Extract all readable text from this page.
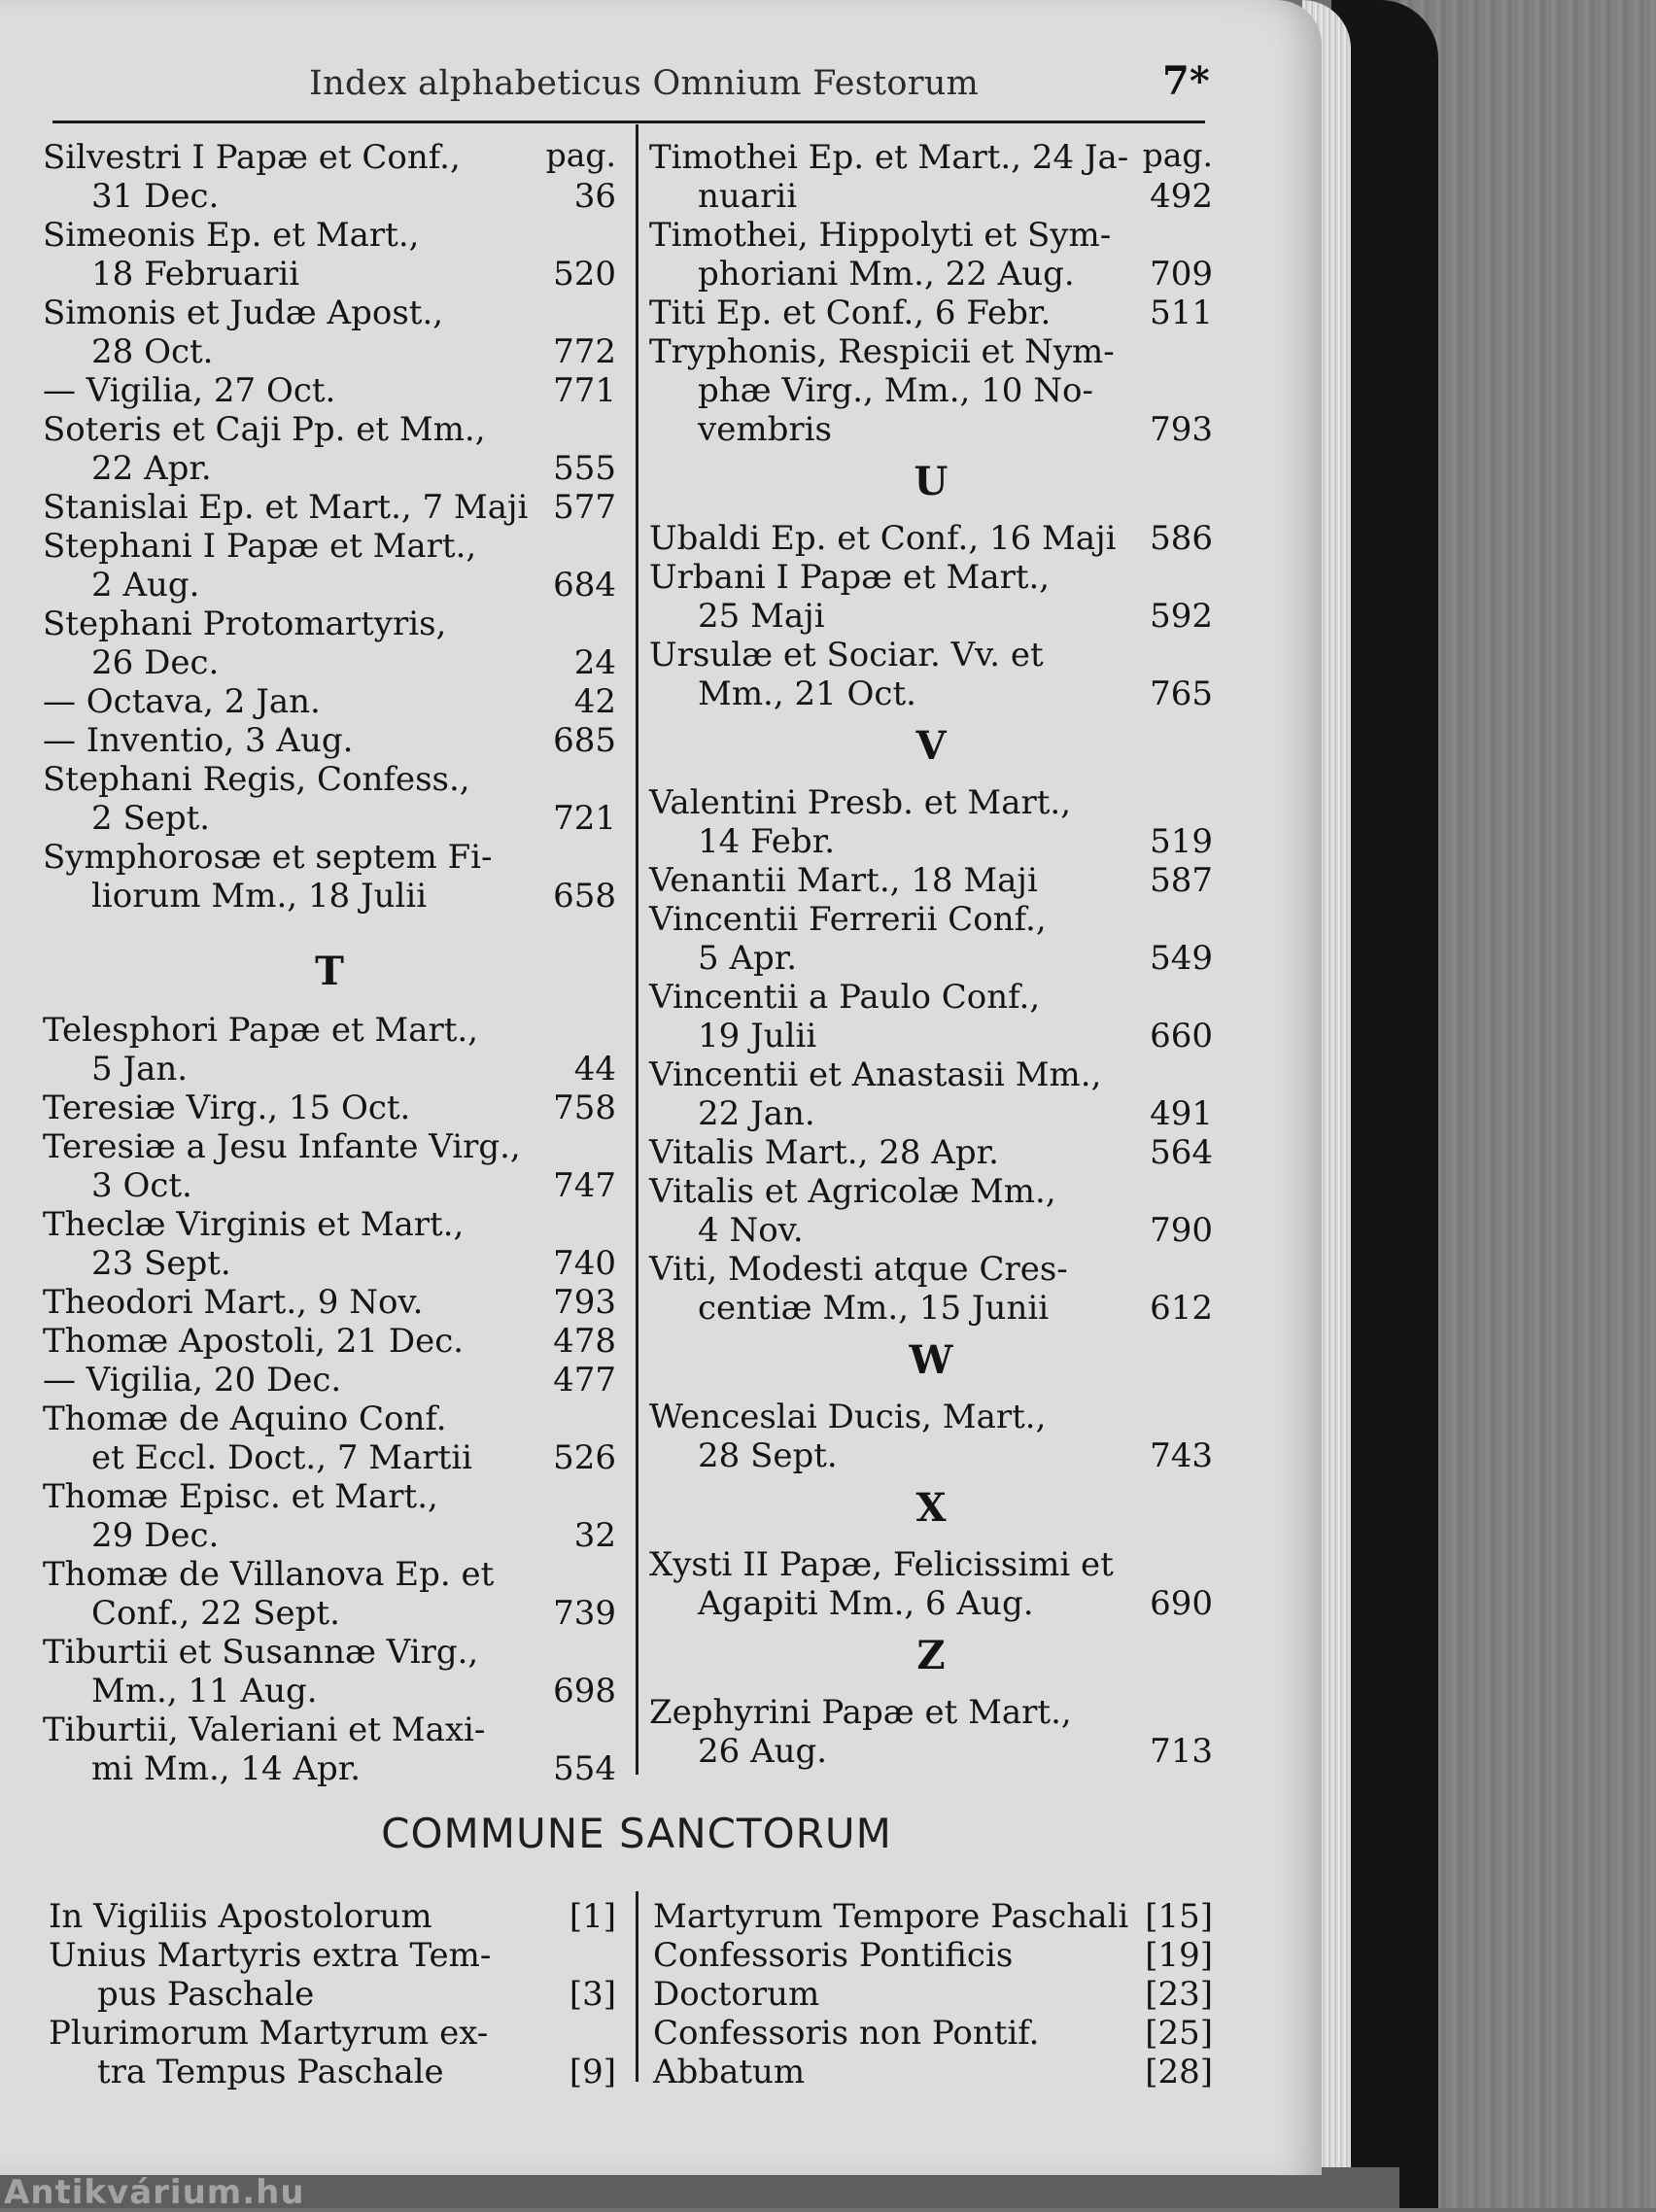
Index alphabeticus Omnium Festorum	7*
pag.
Silvestri I Papæ et Conf.,
31 Dec.	36
Simeonis Ep. et Mart.,
18 Februarii	520
Simonis et Judæ Apost.,
28 Oct.	772
— Vigilia, 27 Oct.	771
Soteris et Caji Pp. et Mm.,
22 Apr.	555
Stanislai Ep. et Mart., 7 Maji 577
Stephani I Papæ et Mart.,
2 Aug.	684
Stephani Protomartyris,
26 Dec.	24
— Octava, 2 Jan.	42
— Inventio, 3 Aug.	685
Stephani Regis, Confess.,
2 Sept.	721
Symphorosæ et septem Fi-
liorum Mm., 18 Julii	658
T
Telesphori Papæ et Mart.,
5 Jan.	44
Teresiæ Virg., 15 Oct.	758
Teresiæ a Jesu Infante Virg.,
3 Oct.	747
Theclæ Virginis et Mart.,
23 Sept.	740
Theodori Mart., 9 Nov.	793
Thomæ Apostoli, 21 Dec.	478
— Vigilia, 20 Dec.	477
Thomæ de Aquino Conf.
et Eccl. Doct., 7 Martii	526
Thomæ Episc. et Mart.,
29 Dec.	32
Thomæ de Villanova Ep. et
Conf., 22 Sept.	739
Tiburtii et Susannæ Virg.,
Mm., 11 Aug.	698
Tiburtii, Valeriani et Maxi-
mi Mm., 14 Apr.	554
pag.
Timothei Ep. et Mart., 24 Ja-
nuarii	492
Timothei, Hippolyti et Sym-
phoriani Mm., 22 Aug.	709
Titi Ep. et Conf., 6 Febr.	511
Tryphonis, Respicii et Nym-
phæ Virg., Mm., 10 No-
vembris	793
U
Ubaldi Ep. et Conf., 16 Maji	586
Urbani I Papæ et Mart.,
25 Maji	592
Ursulæ et Sociar. Vv. et
Mm., 21 Oct.	765
V
Valentini Presb. et Mart.,
14 Febr.	519
Venantii Mart., 18 Maji	587
Vincentii Ferrerii Conf.,
5 Apr.	549
Vincentii a Paulo Conf.,
19 Julii	660
Vincentii et Anastasii Mm.,
22 Jan.	491
Vitalis Mart., 28 Apr.	564
Vitalis et Agricolæ Mm.,
4 Nov.	790
Viti, Modesti atque Cres-
centiæ Mm., 15 Junii	612
W
Wenceslai Ducis, Mart.,
28 Sept.	743
X
Xysti II Papæ, Felicissimi et
Agapiti Mm., 6 Aug.	690
Z
Zephyrini Papæ et Mart.,
26 Aug.	713
COMMUNE SANCTORUM
In Vigiliis Apostolorum	[1]
Unius Martyris extra Tem-
pus Paschale	[3]
Plurimorum Martyrum ex-
tra Tempus Paschale	[9]
Martyrum Tempore Paschali [15]
Confessoris Pontificis	[19]
Doctorum	[23]
Confessoris non Pontif.	[25]
Abbatum	[28]
Antikvárium.hu
